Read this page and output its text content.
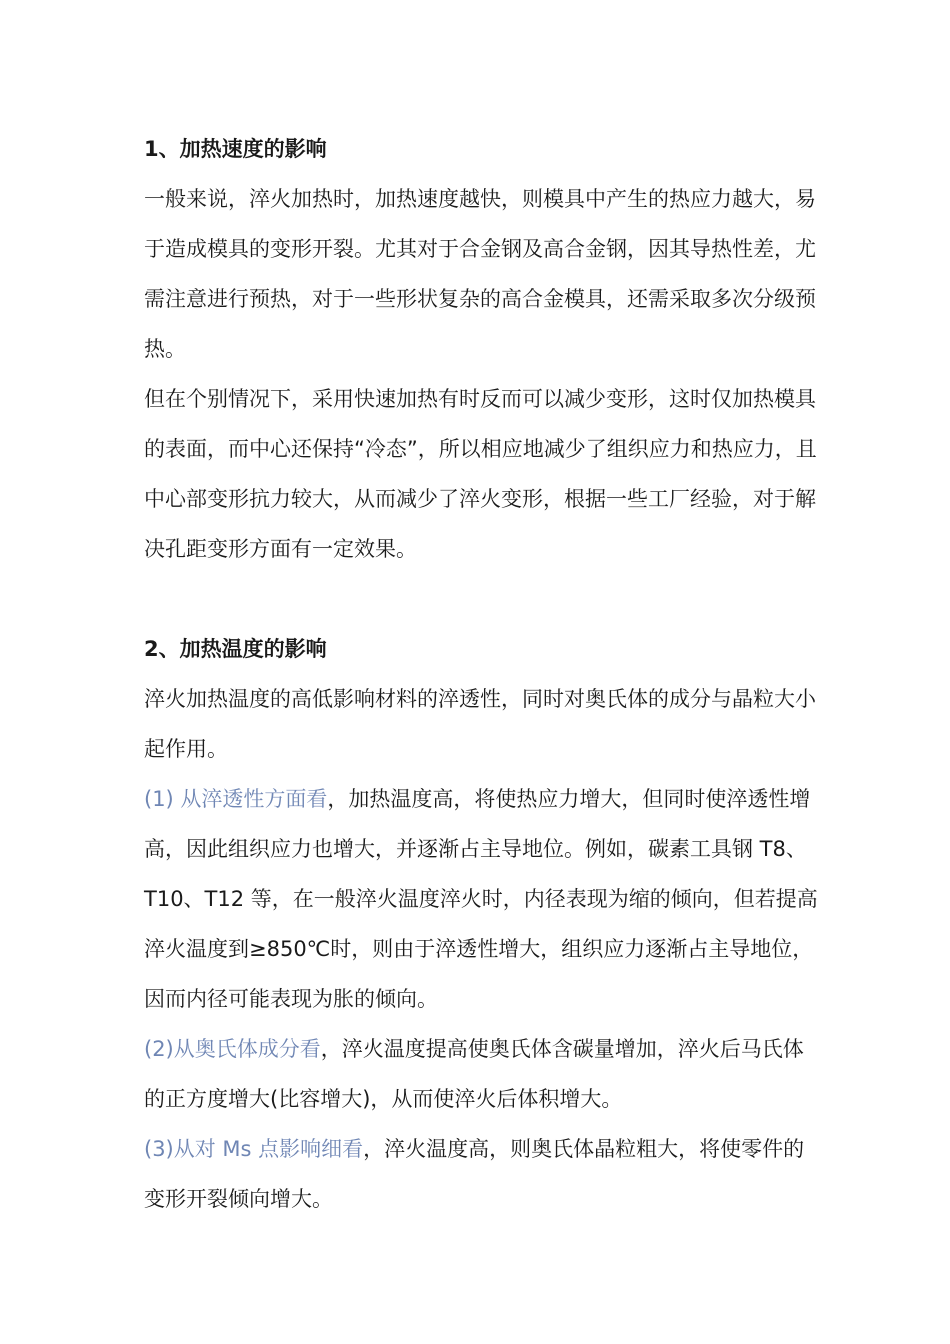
1、加热速度的影响

一般来说，淬火加热时，加热速度越快，则模具中产生的热应力越大，易于造成模具的变形开裂。尤其对于合金钢及高合金钢，因其导热性差，尤需注意进行预热，对于一些形状复杂的高合金模具，还需采取多次分级预热。

但在个别情况下，采用快速加热有时反而可以减少变形，这时仅加热模具的表面，而中心还保持“冷态”，所以相应地减少了组织应力和热应力，且中心部变形抗力较大，从而减少了淬火变形，根据一些工厂经验，对于解决孔距变形方面有一定效果。

2、加热温度的影响

淬火加热温度的高低影响材料的淬透性，同时对奥氏体的成分与晶粒大小起作用。

(1) 从淬透性方面看，加热温度高，将使热应力增大，但同时使淬透性增高，因此组织应力也增大，并逐渐占主导地位。例如，碳素工具钢 T8、T10、T12 等，在一般淬火温度淬火时，内径表现为缩的倾向，但若提高淬火温度到≥850℃时，则由于淬透性增大，组织应力逐渐占主导地位，因而内径可能表现为胀的倾向。

(2)从奥氏体成分看，淬火温度提高使奥氏体含碳量增加，淬火后马氏体的正方度增大(比容增大)，从而使淬火后体积增大。

(3)从对 Ms 点影响细看，淬火温度高，则奥氏体晶粒粗大，将使零件的变形开裂倾向增大。
